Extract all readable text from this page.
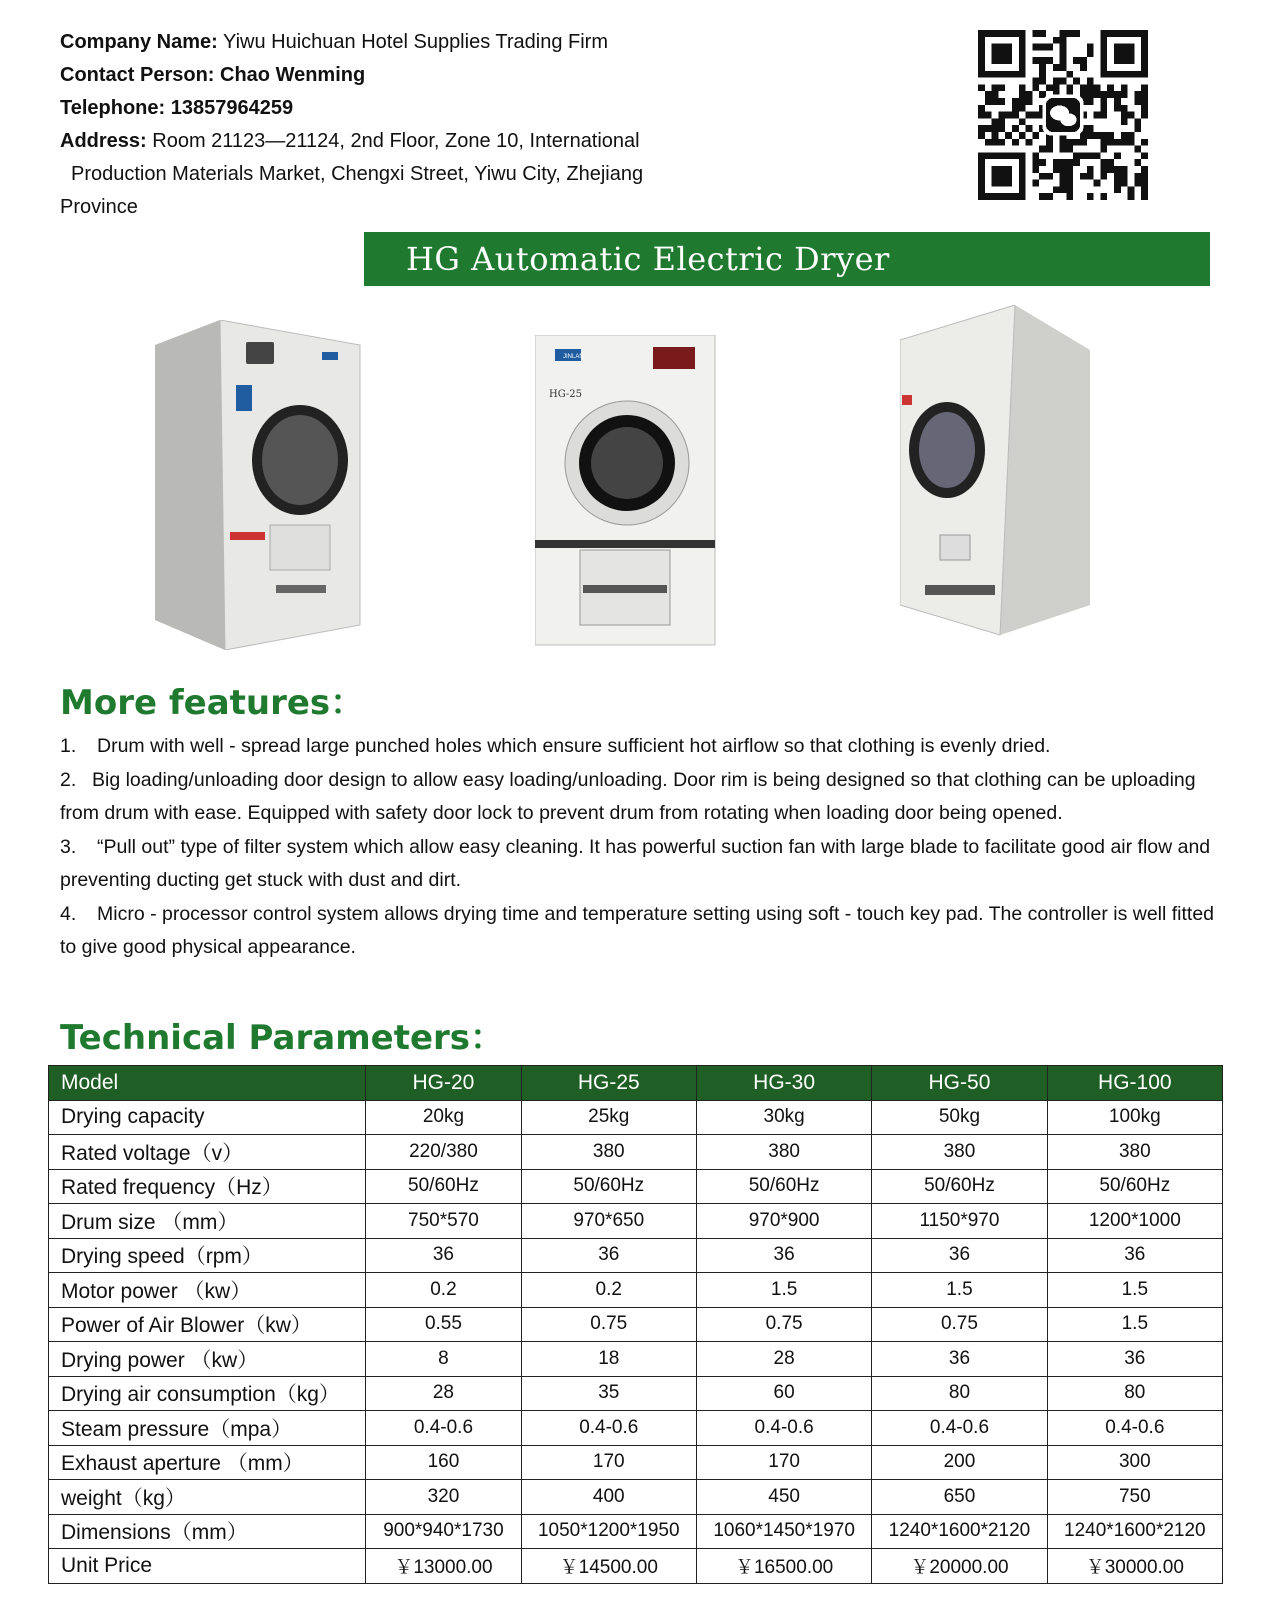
Company Name: Yiwu Huichuan Hotel Supplies Trading Firm
Contact Person: Chao Wenming
Telephone: 13857964259
Address: Room 21123—21124, 2nd Floor, Zone 10, International
Production Materials Market, Chengxi Street, Yiwu City, Zhejiang
Province
HG Automatic Electric Dryer
JINLAN
HG-25
More features：
1. Drum with well - spread large punched holes which ensure sufficient hot airflow so that clothing is evenly dried.
2. Big loading/unloading door design to allow easy loading/unloading. Door rim is being designed so that clothing can be uploading from drum with ease. Equipped with safety door lock to prevent drum from rotating when loading door being opened.
3. “Pull out” type of filter system which allow easy cleaning. It has powerful suction fan with large blade to facilitate good air flow and preventing ducting get stuck with dust and dirt.
4. Micro - processor control system allows drying time and temperature setting using soft - touch key pad. The controller is well fitted to give good physical appearance.
Technical Parameters：
Model	HG-20	HG-25	HG-30	HG-50	HG-100
Drying capacity	20kg	25kg	30kg	50kg	100kg
Rated voltage（v）	220/380	380	380	380	380
Rated frequency（Hz）	50/60Hz	50/60Hz	50/60Hz	50/60Hz	50/60Hz
Drum size （mm）	750*570	970*650	970*900	1150*970	1200*1000
Drying speed（rpm）	36	36	36	36	36
Motor power （kw）	0.2	0.2	1.5	1.5	1.5
Power of Air Blower（kw）	0.55	0.75	0.75	0.75	1.5
Drying power （kw）	8	18	28	36	36
Drying air consumption（kg）	28	35	60	80	80
Steam pressure（mpa）	0.4-0.6	0.4-0.6	0.4-0.6	0.4-0.6	0.4-0.6
Exhaust aperture （mm）	160	170	170	200	300
weight（kg）	320	400	450	650	750
Dimensions（mm）	900*940*1730	1050*1200*1950	1060*1450*1970	1240*1600*2120	1240*1600*2120
Unit Price	￥13000.00	￥14500.00	￥16500.00	￥20000.00	￥30000.00
